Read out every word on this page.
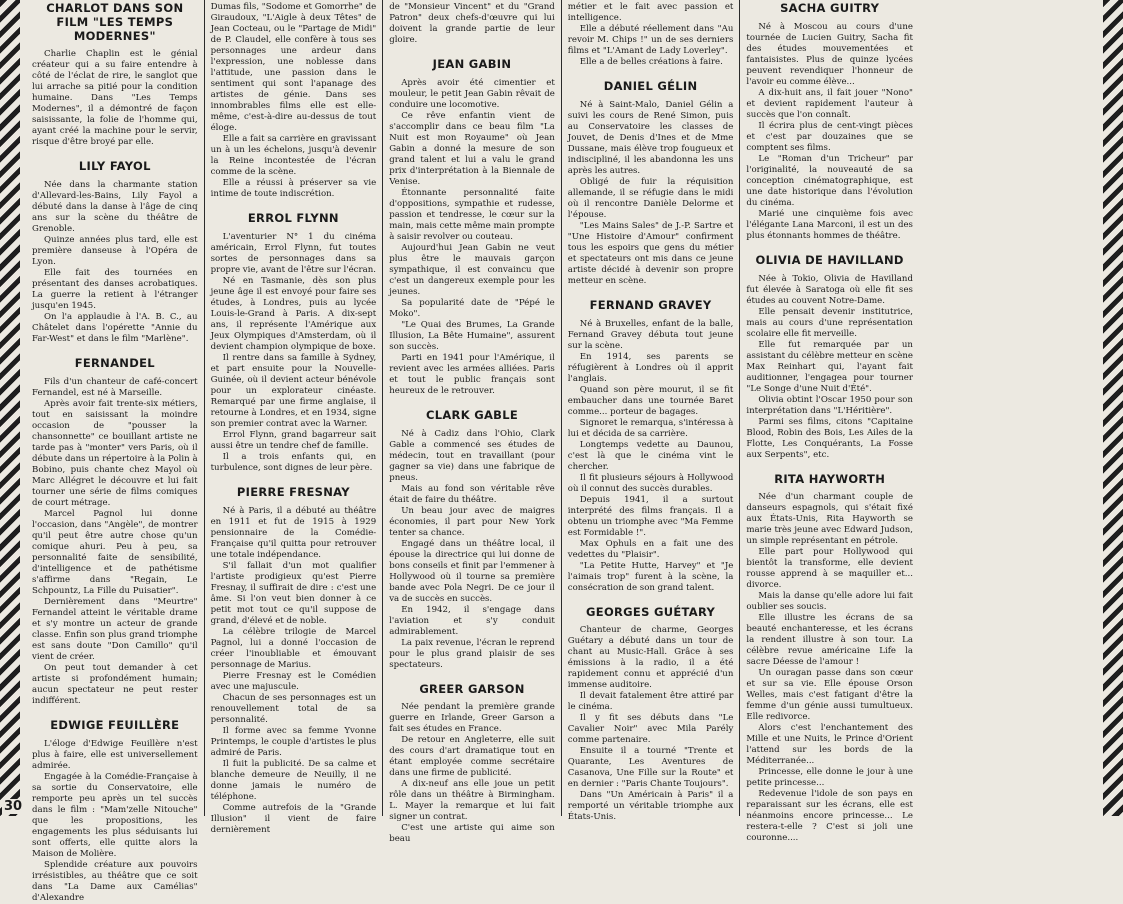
30
CHARLOT DANS SON FILM "LES TEMPS MODERNES"

Charlie Chaplin est le génial créateur qui a su faire entendre à côté de l'éclat de rire, le sanglot que lui arrache sa pitié pour la condition humaine. Dans "Les Temps Modernes", il a démontré de façon saisissante, la folie de l'homme qui, ayant créé la machine pour le servir, risque d'être broyé par elle.

LILY FAYOL

Née dans la charmante station d'Allevard-les-Bains, Lily Fayol a débuté dans la danse à l'âge de cinq ans sur la scène du théâtre de Grenoble.

Quinze années plus tard, elle est première danseuse à l'Opéra de Lyon.

Elle fait des tournées en présentant des danses acrobatiques. La guerre la retient à l'étranger jusqu'en 1945.

On l'a applaudie à l'A. B. C., au Châtelet dans l'opérette "Annie du Far-West" et dans le film "Marlène".

FERNANDEL

Fils d'un chanteur de café-concert Fernandel, est né à Marseille.

Après avoir fait trente-six métiers, tout en saisissant la moindre occasion de "pousser la chansonnette" ce bouillant artiste ne tarde pas à "monter" vers Paris, où il débute dans un répertoire à la Polin à Bobino, puis chante chez Mayol où Marc Allégret le découvre et lui fait tourner une série de films comiques de court métrage.

Marcel Pagnol lui donne l'occasion, dans "Angèle", de montrer qu'il peut être autre chose qu'un comique ahuri. Peu à peu, sa personnalité faite de sensibilité, d'intelligence et de pathétisme s'affirme dans "Regain, Le Schpountz, La Fille du Puisatier".

Dernièrement dans "Meurtre" Fernandel atteint le véritable drame et s'y montre un acteur de grande classe. Enfin son plus grand triomphe est sans doute "Don Camillo" qu'il vient de créer.

On peut tout demander à cet artiste si profondément humain; aucun spectateur ne peut rester indifférent.

EDWIGE FEUILLÈRE

L'éloge d'Edwige Feuillère n'est plus à faire, elle est universellement admirée.

Engagée à la Comédie-Française à sa sortie du Conservatoire, elle remporte peu après un tel succès dans le film : "Mam'zelle Nitouche" que les propositions, les engagements les plus séduisants lui sont offerts, elle quitte alors la Maison de Molière.

Splendide créature aux pouvoirs irrésistibles, au théâtre que ce soit dans "La Dame aux Camélias" d'Alexandre

Dumas fils, "Sodome et Gomorrhe" de Giraudoux, "L'Aigle à deux Têtes" de Jean Cocteau, ou le "Partage de Midi" de P. Claudel, elle confère à tous ses personnages une ardeur dans l'expression, une noblesse dans l'attitude, une passion dans le sentiment qui sont l'apanage des artistes de génie. Dans ses innombrables films elle est elle-même, c'est-à-dire au-dessus de tout éloge.

Elle a fait sa carrière en gravissant un à un les échelons, jusqu'à devenir la Reine incontestée de l'écran comme de la scène.

Elle a réussi à préserver sa vie intime de toute indiscrétion.

ERROL FLYNN

L'aventurier N° 1 du cinéma américain, Errol Flynn, fut toutes sortes de personnages dans sa propre vie, avant de l'être sur l'écran.

Né en Tasmanie, dès son plus jeune âge il est envoyé pour faire ses études, à Londres, puis au lycée Louis-le-Grand à Paris. A dix-sept ans, il représente l'Amérique aux Jeux Olympiques d'Amsterdam, où il devient champion olympique de boxe.

Il rentre dans sa famille à Sydney, et part ensuite pour la Nouvelle-Guinée, où il devient acteur bénévole pour un explorateur cinéaste. Remarqué par une firme anglaise, il retourne à Londres, et en 1934, signe son premier contrat avec la Warner.

Errol Flynn, grand bagarreur sait aussi être un tendre chef de famille.

Il a trois enfants qui, en turbulence, sont dignes de leur père.

PIERRE FRESNAY

Né à Paris, il a débuté au théâtre en 1911 et fut de 1915 à 1929 pensionnaire de la Comédie-Française qu'il quitta pour retrouver une totale indépendance.

S'il fallait d'un mot qualifier l'artiste prodigieux qu'est Pierre Fresnay, il suffirait de dire : c'est une âme. Si l'on veut bien donner à ce petit mot tout ce qu'il suppose de grand, d'élevé et de noble.

La célèbre trilogie de Marcel Pagnol, lui a donné l'occasion de créer l'inoubliable et émouvant personnage de Marius.

Pierre Fresnay est le Comédien avec une majuscule.

Chacun de ses personnages est un renouvellement total de sa personnalité.

Il forme avec sa femme Yvonne Printemps, le couple d'artistes le plus admiré de Paris.

Il fuit la publicité. De sa calme et blanche demeure de Neuilly, il ne donne jamais le numéro de téléphone.

Comme autrefois de la "Grande Illusion" il vient de faire dernièrement

de "Monsieur Vincent" et du "Grand Patron" deux chefs-d'œuvre qui lui doivent la grande partie de leur gloire.

JEAN GABIN

Après avoir été cimentier et mouleur, le petit Jean Gabin rêvait de conduire une locomotive.

Ce rêve enfantin vient de s'accomplir dans ce beau film "La Nuit est mon Royaume" où Jean Gabin a donné la mesure de son grand talent et lui a valu le grand prix d'interprétation à la Biennale de Venise.

Étonnante personnalité faite d'oppositions, sympathie et rudesse, passion et tendresse, le cœur sur la main, mais cette même main prompte à saisir revolver ou couteau.

Aujourd'hui Jean Gabin ne veut plus être le mauvais garçon sympathique, il est convaincu que c'est un dangereux exemple pour les jeunes.

Sa popularité date de "Pépé le Moko".

"Le Quai des Brumes, La Grande Illusion, La Bête Humaine", assurent son succès.

Parti en 1941 pour l'Amérique, il revient avec les armées alliées. Paris et tout le public français sont heureux de le retrouver.

CLARK GABLE

Né à Cadiz dans l'Ohio, Clark Gable a commencé ses études de médecin, tout en travaillant (pour gagner sa vie) dans une fabrique de pneus.

Mais au fond son véritable rêve était de faire du théâtre.

Un beau jour avec de maigres économies, il part pour New York tenter sa chance.

Engagé dans un théâtre local, il épouse la directrice qui lui donne de bons conseils et finit par l'emmener à Hollywood où il tourne sa première bande avec Pola Negri. De ce jour il va de succès en succès.

En 1942, il s'engage dans l'aviation et s'y conduit admirablement.

La paix revenue, l'écran le reprend pour le plus grand plaisir de ses spectateurs.

GREER GARSON

Née pendant la première grande guerre en Irlande, Greer Garson a fait ses études en France.

De retour en Angleterre, elle suit des cours d'art dramatique tout en étant employée comme secrétaire dans une firme de publicité.

A dix-neuf ans elle joue un petit rôle dans un théâtre à Birmingham. L. Mayer la remarque et lui fait signer un contrat.

C'est une artiste qui aime son beau

métier et le fait avec passion et intelligence.

Elle a débuté réellement dans "Au revoir M. Chips !" un de ses derniers films et "L'Amant de Lady Loverley".

Elle a de belles créations à faire.

DANIEL GÉLIN

Né à Saint-Malo, Daniel Gélin a suivi les cours de René Simon, puis au Conservatoire les classes de Jouvet, de Denis d'Ines et de Mme Dussane, mais élève trop fougueux et indiscipliné, il les abandonna les uns après les autres.

Obligé de fuir la réquisition allemande, il se réfugie dans le midi où il rencontre Danièle Delorme et l'épouse.

"Les Mains Sales" de J.-P. Sartre et "Une Histoire d'Amour" confirment tous les espoirs que gens du métier et spectateurs ont mis dans ce jeune artiste décidé à devenir son propre metteur en scène.

FERNAND GRAVEY

Né à Bruxelles, enfant de la balle, Fernand Gravey débuta tout jeune sur la scène.

En 1914, ses parents se réfugièrent à Londres où il apprit l'anglais.

Quand son père mourut, il se fit embaucher dans une tournée Baret comme... porteur de bagages.

Signoret le remarqua, s'intéressa à lui et décida de sa carrière.

Longtemps vedette au Daunou, c'est là que le cinéma vint le chercher.

Il fit plusieurs séjours à Hollywood où il connut des succès durables.

Depuis 1941, il a surtout interprété des films français. Il a obtenu un triomphe avec "Ma Femme est Formidable !".

Max Ophuls en a fait une des vedettes du "Plaisir".

"La Petite Hutte, Harvey" et "Je l'aimais trop" furent à la scène, la consécration de son grand talent.

GEORGES GUÉTARY

Chanteur de charme, Georges Guétary a débuté dans un tour de chant au Music-Hall. Grâce à ses émissions à la radio, il a été rapidement connu et apprécié d'un immense auditoire.

Il devait fatalement être attiré par le cinéma.

Il y fit ses débuts dans "Le Cavalier Noir" avec Mila Parély comme partenaire.

Ensuite il a tourné "Trente et Quarante, Les Aventures de Casanova, Une Fille sur la Route" et en dernier : "Paris Chante Toujours".

Dans "Un Américain à Paris" il a remporté un véritable triomphe aux États-Unis.

SACHA GUITRY

Né à Moscou au cours d'une tournée de Lucien Guitry, Sacha fit des études mouvementées et fantaisistes. Plus de quinze lycées peuvent revendiquer l'honneur de l'avoir eu comme élève...

A dix-huit ans, il fait jouer "Nono" et devient rapidement l'auteur à succès que l'on connaît.

Il écrira plus de cent-vingt pièces et c'est par douzaines que se comptent ses films.

Le "Roman d'un Tricheur" par l'originalité, la nouveauté de sa conception cinématographique, est une date historique dans l'évolution du cinéma.

Marié une cinquième fois avec l'élégante Lana Marconi, il est un des plus étonnants hommes de théâtre.

OLIVIA DE HAVILLAND

Née à Tokio, Olivia de Havilland fut élevée à Saratoga où elle fit ses études au couvent Notre-Dame.

Elle pensait devenir institutrice, mais au cours d'une représentation scolaire elle fit merveille.

Elle fut remarquée par un assistant du célèbre metteur en scène Max Reinhart qui, l'ayant fait auditionner, l'engagea pour tourner "Le Songe d'une Nuit d'Été".

Olivia obtint l'Oscar 1950 pour son interprétation dans "L'Héritière".

Parmi ses films, citons "Capitaine Blood, Robin des Bois, Les Ailes de la Flotte, Les Conquérants, La Fosse aux Serpents", etc.

RITA HAYWORTH

Née d'un charmant couple de danseurs espagnols, qui s'était fixé aux États-Unis, Rita Hayworth se marie très jeune avec Edward Judson, un simple représentant en pétrole.

Elle part pour Hollywood qui bientôt la transforme, elle devient rousse apprend à se maquiller et... divorce.

Mais la danse qu'elle adore lui fait oublier ses soucis.

Elle illustre les écrans de sa beauté enchanteresse, et les écrans la rendent illustre à son tour. La célèbre revue américaine Life la sacre Déesse de l'amour !

Un ouragan passe dans son cœur et sur sa vie. Elle épouse Orson Welles, mais c'est fatigant d'être la femme d'un génie aussi tumultueux. Elle redivorce.

Alors c'est l'enchantement des Mille et une Nuits, le Prince d'Orient l'attend sur les bords de la Méditerranée...

Princesse, elle donne le jour à une petite princesse...

Redevenue l'idole de son pays en reparaissant sur les écrans, elle est néanmoins encore princesse... Le restera-t-elle ? C'est si joli une couronne....
